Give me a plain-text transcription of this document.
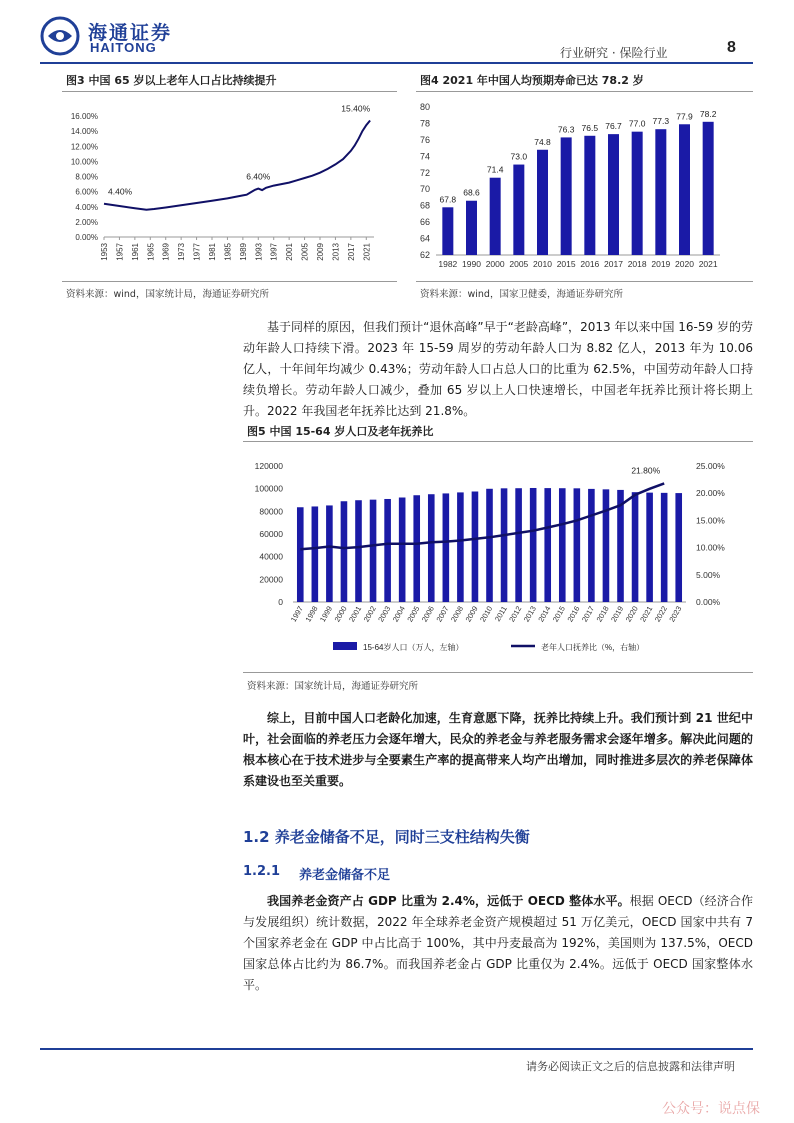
海通证券
HAITONG	行业研究 · 保险行业	8
图3 中国 65 岁以上老年人口占比持续提升
0.00%
2.00%
4.00%
6.00%
8.00%
10.00%
12.00%
14.00%
16.00%
1953 1957 1961 1965 1969 1973 1977 1981 1985 1989 1993 1997 2001 2005 2009 2013 2017 2021
4.40%
6.40%
15.40%
资料来源：wind，国家统计局，海通证券研究所
图4 2021 年中国人均预期寿命已达 78.2 岁
62
64
66
68
70
72
74
76
78
80
67.8
1982
68.6
1990
71.4
2000
73.0
2005
74.8
2010
76.3
2015
76.5
2016
76.7
2017
77.0
2018
77.3
2019
77.9
2020
78.2
2021
资料来源：wind，国家卫健委，海通证券研究所
基于同样的原因，但我们预计“退休高峰”早于“老龄高峰”，2013 年以来中国 16-59 岁的劳动年龄人口持续下滑。2023 年 15-59 周岁的劳动年龄人口为 8.82 亿人，2013 年为 10.06 亿人，十年间年均减少 0.43%；劳动年龄人口占总人口的比重为 62.5%，中国劳动年龄人口持续负增长。劳动年龄人口减少，叠加 65 岁以上人口快速增长，中国老年抚养比预计将长期上升。2022 年我国老年抚养比达到 21.8%。
图5 中国 15-64 岁人口及老年抚养比
0
20000
40000
60000
80000
100000
120000
0.00%
5.00%
10.00%
15.00%
20.00%
25.00%
1997
1998
1999
2000
2001
2002
2003
2004
2005
2006
2007
2008
2009
2010
2011
2012
2013
2014
2015
2016
2017
2018
2019
2020
2021
2022
2023
21.80%
15-64岁人口（万人，左轴）	老年人口抚养比（%，右轴）
资料来源：国家统计局，海通证券研究所
综上，目前中国人口老龄化加速，生育意愿下降，抚养比持续上升。我们预计到 21 世纪中叶，社会面临的养老压力会逐年增大，民众的养老金与养老服务需求会逐年增多。解决此问题的根本核心在于技术进步与全要素生产率的提高带来人均产出增加，同时推进多层次的养老保障体系建设也至关重要。
1.2 养老金储备不足，同时三支柱结构失衡
1.2.1 养老金储备不足
我国养老金资产占 GDP 比重为 2.4%，远低于 OECD 整体水平。根据 OECD（经济合作与发展组织）统计数据，2022 年全球养老金资产规模超过 51 万亿美元，OECD 国家中共有 7 个国家养老金在 GDP 中占比高于 100%，其中丹麦最高为 192%，美国则为 137.5%，OECD 国家总体占比约为 86.7%。而我国养老金占 GDP 比重仅为 2.4%。远低于 OECD 国家整体水平。
请务必阅读正文之后的信息披露和法律声明
公众号：说点保
